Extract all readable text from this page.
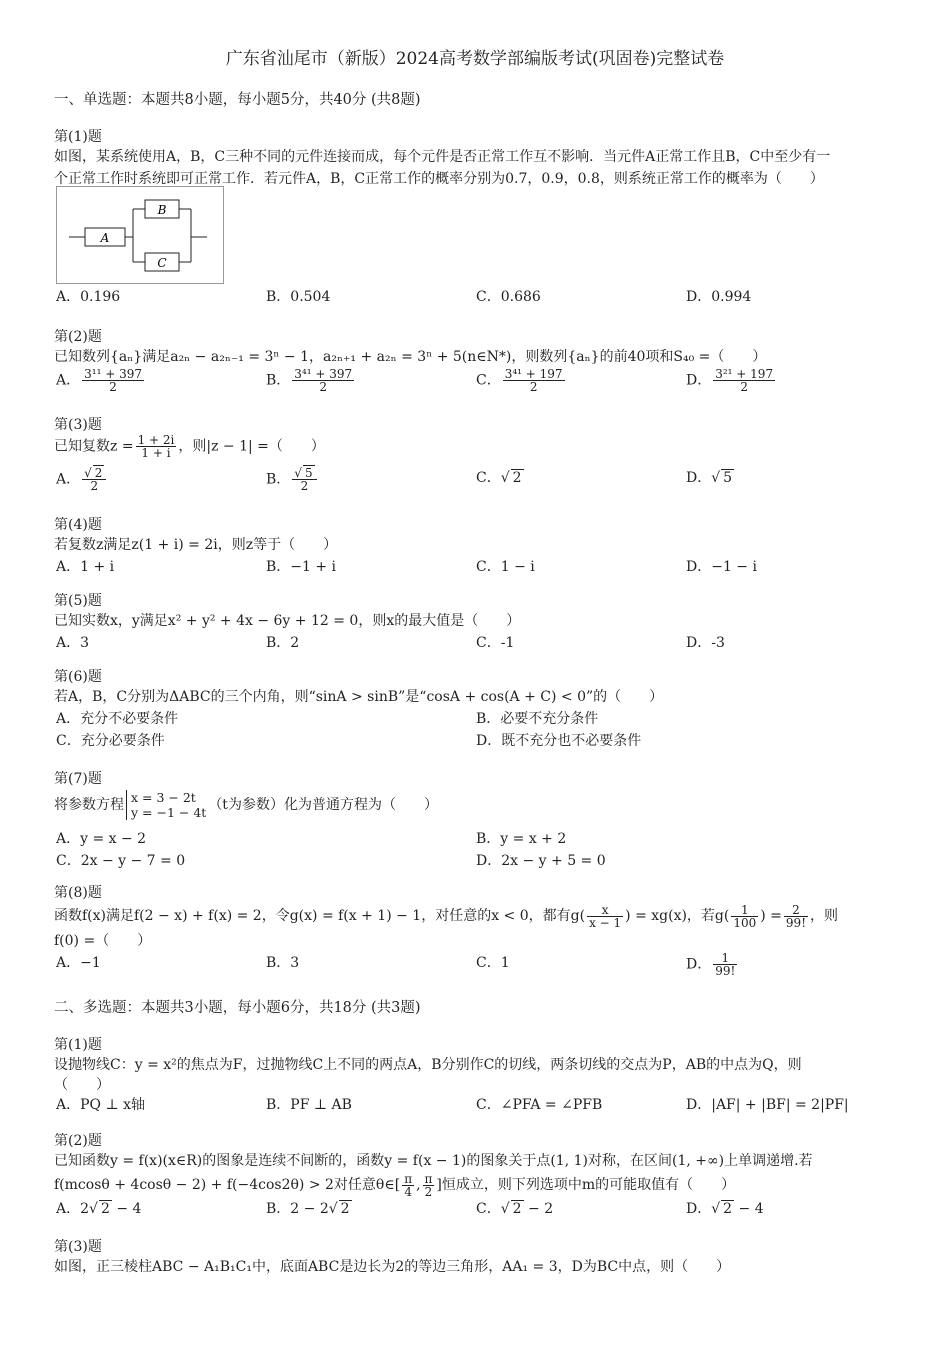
广东省汕尾市（新版）2024高考数学部编版考试(巩固卷)完整试卷
一、单选题：本题共8小题，每小题5分，共40分 (共8题)
第(1)题
如图，某系统使用A，B，C三种不同的元件连接而成，每个元件是否正常工作互不影响．当元件A正常工作且B，C中至少有一
个正常工作时系统即可正常工作．若元件A，B，C正常工作的概率分别为0.7，0.9，0.8，则系统正常工作的概率为（　　）
A
B
C
A．0.196	B．0.504	C．0.686	D．0.994
第(2)题
已知数列{aₙ}满足a₂ₙ − a₂ₙ₋₁ = 3ⁿ − 1，a₂ₙ₊₁ + a₂ₙ = 3ⁿ + 5(n∈N*)，则数列{aₙ}的前40项和S₄₀ =（　　）
A． $\frac{\text{3¹¹ + 397}}{2}$	B． $\frac{\text{3⁴¹ + 397}}{2}$	C． $\frac{\text{3⁴¹ + 197}}{2}$	D． $\frac{\text{3²¹ + 197}}{2}$
第(3)题
已知复数$z = \frac{1 + 2i}{1 + i}$ ，则|z − 1| =（　　）
A． $\frac{√ 2}{2}$	B． $\frac{√ 5}{2}$	C．√ 2	D．√ 5
第(4)题
若复数z满足z(1 + i) = 2i，则z等于（　　）
A．1 + i	B．−1 + i	C．1 − i	D．−1 − i
第(5)题
已知实数x，y满足x² + y² + 4x − 6y + 12 = 0，则x的最大值是（　　）
A．3	B．2	C．-1	D．-3
第(6)题
若A，B，C分别为ΔABC的三个内角，则“sinA > sinB”是“cosA + cos(A + C) < 0”的（　　）
A．充分不必要条件	B．必要不充分条件
C．充分必要条件	D．既不充分也不必要条件
第(7)题
将参数方程 x = 3 − 2t
y = −1 − 4t （t为参数）化为普通方程为（　　）
A．y = x − 2	B．y = x + 2
C．2x − y − 7 = 0	D．2x − y + 5 = 0
第(8)题
函数f(x)满足f(2 − x) + f(x) = 2，令g(x) = f(x + 1) − 1，对任意的x < 0，都有$g( \frac{x}{x - 1}$ ) = xg(x)，若$g( \frac{1}{100}$ ) = $\frac{2}{99!}$ ，则
f(0) =（　　）
A．−1	B．3	C．1	D． $\frac{1}{99!}$
二、多选题：本题共3小题，每小题6分，共18分 (共3题)
第(1)题
设抛物线C：y = x²的焦点为F，过抛物线C上不同的两点A，B分别作C的切线，两条切线的交点为P，AB的中点为Q，则
（　　）
A．PQ ⊥ x轴	B．PF ⊥ AB	C．∠PFA = ∠PFB	D．|AF| + |BF| = 2|PF|
第(2)题
已知函数y = f(x)(x∈R)的图象是连续不间断的，函数y = f(x − 1)的图象关于点(1, 1)对称，在区间(1, +∞)上单调递增.若
f(mcosθ + 4cosθ − 2) + f(−4cos2θ) > 2对任意θ∈[ $\frac{\pi}{4}$ , $\frac{\pi}{2}$ ]恒成立，则下列选项中m的可能取值有（　　）
A．2√ 2 − 4	B．2 − 2√ 2	C．√ 2 − 2	D．√ 2 − 4
第(3)题
如图，正三棱柱ABC − A₁B₁C₁中，底面ABC是边长为2的等边三角形，AA₁ = 3，D为BC中点，则（　　）
